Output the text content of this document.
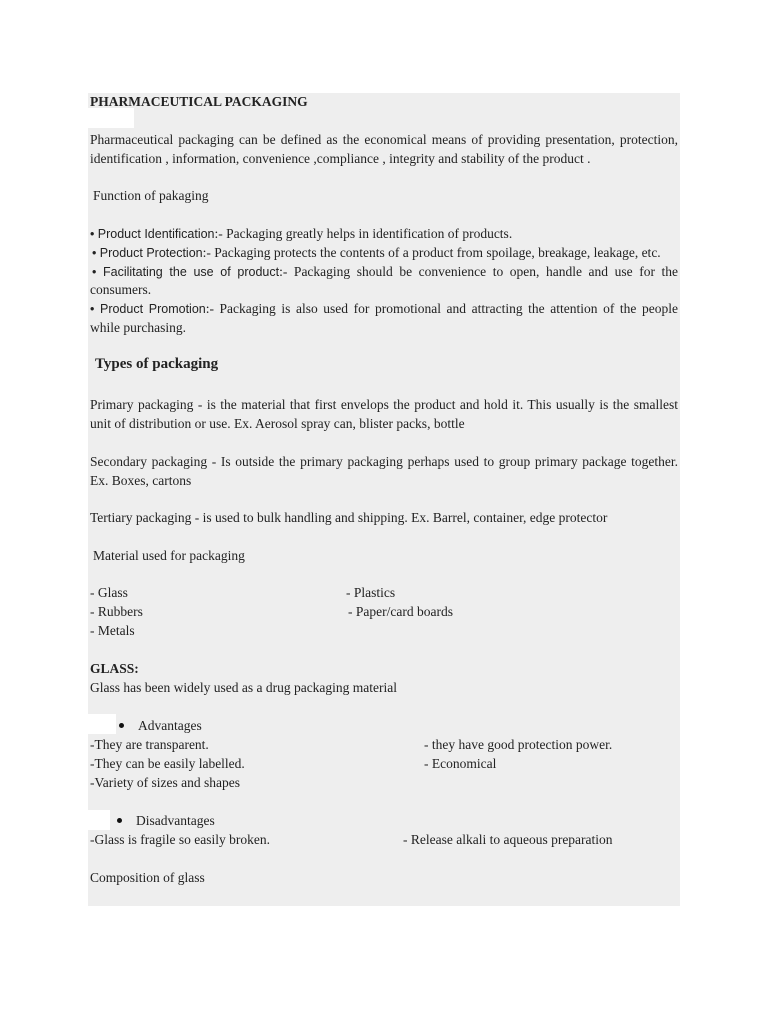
PHARMACEUTICAL PACKAGING
Pharmaceutical packaging can be defined as the economical means of providing presentation, protection,
identification , information, convenience ,compliance , integrity and stability of the product .
Function of pakaging
• Product Identification:- Packaging greatly helps in identification of products.
• Product Protection:- Packaging protects the contents of a product from spoilage, breakage, leakage, etc.
• Facilitating the use of product:- Packaging should be convenience to open, handle and use for the
consumers.
• Product Promotion:- Packaging is also used for promotional and attracting the attention of the people
while purchasing.
Types of packaging
Primary packaging - is the material that first envelops the product and hold it. This usually is the smallest
unit of distribution or use. Ex. Aerosol spray can, blister packs, bottle
Secondary packaging - Is outside the primary packaging perhaps used to group primary package together.
Ex. Boxes, cartons
Tertiary packaging - is used to bulk handling and shipping. Ex. Barrel, container, edge protector
Material used for packaging
- Glass
- Rubbers
- Metals
- Plastics
- Paper/card boards
GLASS:
Glass has been widely used as a drug packaging material
Advantages
-They are transparent.
-They can be easily labelled.
-Variety of sizes and shapes
- they have good protection power.
- Economical
Disadvantages
-Glass is fragile so easily broken.	- Release alkali to aqueous preparation
Composition of glass
